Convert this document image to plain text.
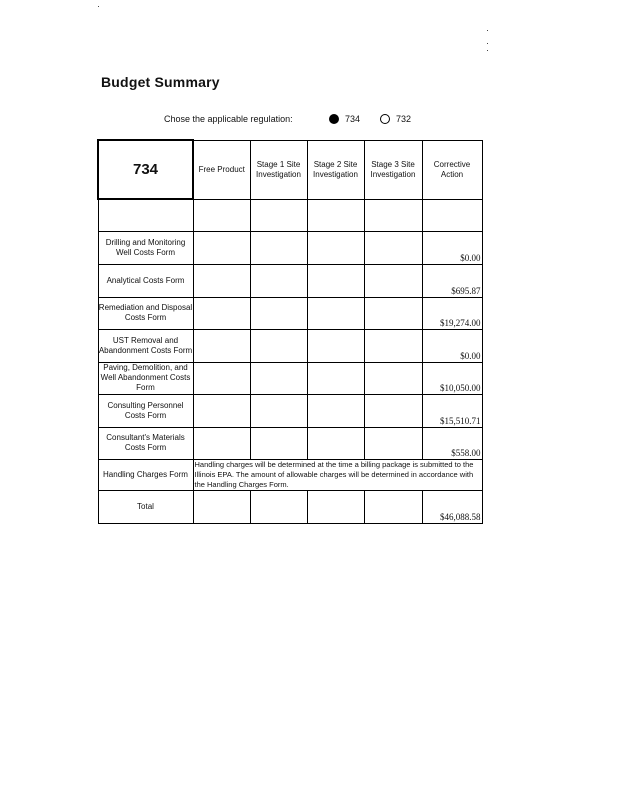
Budget Summary
Chose the applicable regulation:	734	732
734	Free Product	Stage 1 Site Investigation	Stage 2 Site Investigation	Stage 3 Site Investigation	Corrective Action

Drilling and Monitoring Well Costs Form					$0.00

Analytical Costs Form					$695.87

Remediation and Disposal Costs Form					$19,274.00

UST Removal and Abandonment Costs Form					$0.00

Paving, Demolition, and Well Abandonment Costs Form					$10,050.00

Consulting Personnel Costs Form					$15,510.71

Consultant's Materials Costs Form					$558.00

Handling Charges Form	Handling charges will be determined at the time a billing package is submitted to the Illinois EPA. The amount of allowable charges will be determined in accordance with the Handling Charges Form.				
Total					$46,088.58
